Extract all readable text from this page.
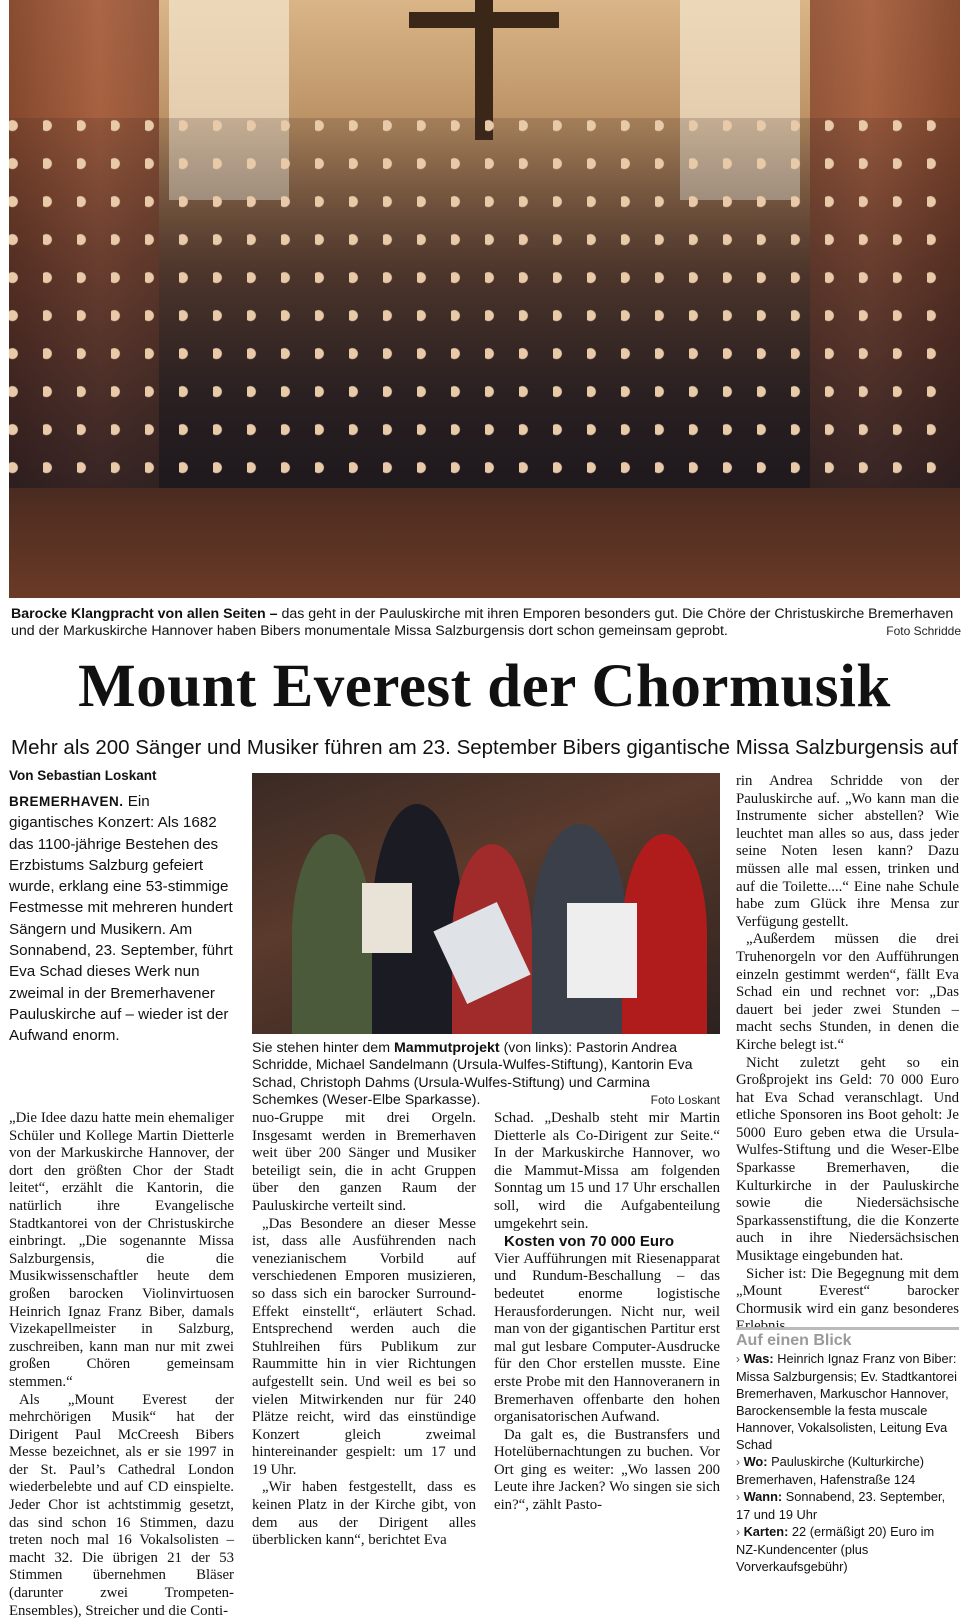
Barocke Klangpracht von allen Seiten – das geht in der Pauluskirche mit ihren Emporen besonders gut. Die Chöre der Christuskirche Bremerhaven und der Markuskirche Hannover haben Bibers monumentale Missa Salzburgensis dort schon gemeinsam geprobt.	Foto Schridde
Mount Everest der Chormusik
Mehr als 200 Sänger und Musiker führen am 23. September Bibers gigantische Missa Salzburgensis auf
Von Sebastian Loskant
BREMERHAVEN. Ein gigantisches Konzert: Als 1682 das 1100-jährige Bestehen des Erzbistums Salzburg gefeiert wurde, erklang eine 53-stimmige Festmesse mit mehreren hundert Sängern und Musikern. Am Sonnabend, 23. September, führt Eva Schad dieses Werk nun zweimal in der Bremerhavener Pauluskirche auf – wieder ist der Aufwand enorm.
Sie stehen hinter dem Mammutprojekt (von links): Pastorin Andrea Schridde, Michael Sandelmann (Ursula-Wulfes-Stiftung), Kantorin Eva Schad, Christoph Dahms (Ursula-Wulfes-Stiftung) und Carmina Schemkes (Weser-Elbe Sparkasse).	Foto Loskant

„Die Idee dazu hatte mein ehemaliger Schüler und Kollege Martin Dietterle von der Markuskirche Hannover, der dort den größten Chor der Stadt leitet“, erzählt die Kantorin, die natürlich ihre Evangelische Stadtkantorei von der Christuskirche einbringt. „Die sogenannte Missa Salzburgensis, die die Musikwissenschaftler heute dem großen barocken Violinvirtuosen Heinrich Ignaz Franz Biber, damals Vizekapellmeister in Salzburg, zuschreiben, kann man nur mit zwei großen Chören gemeinsam stemmen.“

Als „Mount Everest der mehrchörigen Musik“ hat der Dirigent Paul McCreesh Bibers Messe bezeichnet, als er sie 1997 in der St. Paul’s Cathedral London wiederbelebte und auf CD einspielte. Jeder Chor ist achtstimmig gesetzt, das sind schon 16 Stimmen, dazu treten noch mal 16 Vokalsolisten – macht 32. Die übrigen 21 der 53 Stimmen übernehmen Bläser (darunter zwei Trompeten-Ensembles), Streicher und die Conti-

nuo-Gruppe mit drei Orgeln. Insgesamt werden in Bremerhaven weit über 200 Sänger und Musiker beteiligt sein, die in acht Gruppen über den ganzen Raum der Pauluskirche verteilt sind.

„Das Besondere an dieser Messe ist, dass alle Ausführenden nach venezianischem Vorbild auf verschiedenen Emporen musizieren, so dass sich ein barocker Surround-Effekt einstellt“, erläutert Schad. Entsprechend werden auch die Stuhlreihen fürs Publikum zur Raummitte hin in vier Richtungen aufgestellt sein. Und weil es bei so vielen Mitwirkenden nur für 240 Plätze reicht, wird das einstündige Konzert gleich zweimal hintereinander gespielt: um 17 und 19 Uhr.

„Wir haben festgestellt, dass es keinen Platz in der Kirche gibt, von dem aus der Dirigent alles überblicken kann“, berichtet Eva

Schad. „Deshalb steht mir Martin Dietterle als Co-Dirigent zur Seite.“ In der Markuskirche Hannover, wo die Mammut-Missa am folgenden Sonntag um 15 und 17 Uhr erschallen soll, wird die Aufgabenteilung umgekehrt sein.

Kosten von 70 000 Euro

Vier Aufführungen mit Riesenapparat und Rundum-Beschallung – das bedeutet enorme logistische Herausforderungen. Nicht nur, weil man von der gigantischen Partitur erst mal gut lesbare Computer-Ausdrucke für den Chor erstellen musste. Eine erste Probe mit den Hannoveranern in Bremerhaven offenbarte den hohen organisatorischen Aufwand.

Da galt es, die Bustransfers und Hotelübernachtungen zu buchen. Vor Ort ging es weiter: „Wo lassen 200 Leute ihre Jacken? Wo singen sie sich ein?“, zählt Pasto-

rin Andrea Schridde von der Pauluskirche auf. „Wo kann man die Instrumente sicher abstellen? Wie leuchtet man alles so aus, dass jeder seine Noten lesen kann? Dazu müssen alle mal essen, trinken und auf die Toilette....“ Eine nahe Schule habe zum Glück ihre Mensa zur Verfügung gestellt.

„Außerdem müssen die drei Truhenorgeln vor den Aufführungen einzeln gestimmt werden“, fällt Eva Schad ein und rechnet vor: „Das dauert bei jeder zwei Stunden – macht sechs Stunden, in denen die Kirche belegt ist.“

Nicht zuletzt geht so ein Großprojekt ins Geld: 70 000 Euro hat Eva Schad veranschlagt. Und etliche Sponsoren ins Boot geholt: Je 5000 Euro geben etwa die Ursula-Wulfes-Stiftung und die Weser-Elbe Sparkasse Bremerhaven, die Kulturkirche in der Pauluskirche sowie die Niedersächsische Sparkassenstiftung, die die Konzerte auch in ihre Niedersächsischen Musiktage eingebunden hat.

Sicher ist: Die Begegnung mit dem „Mount Everest“ barocker Chormusik wird ein ganz besonderes Erlebnis.

Auf einen Blick
› Was: Heinrich Ignaz Franz von Biber: Missa Salzburgensis; Ev. Stadtkantorei Bremerhaven, Markuschor Hannover, Barockensemble la festa muscale Hannover, Vokalsolisten, Leitung Eva Schad
› Wo: Pauluskirche (Kulturkirche) Bremerhaven, Hafenstraße 124
› Wann: Sonnabend, 23. September, 17 und 19 Uhr
› Karten: 22 (ermäßigt 20) Euro im NZ-Kundencenter (plus Vorverkaufsgebühr)
